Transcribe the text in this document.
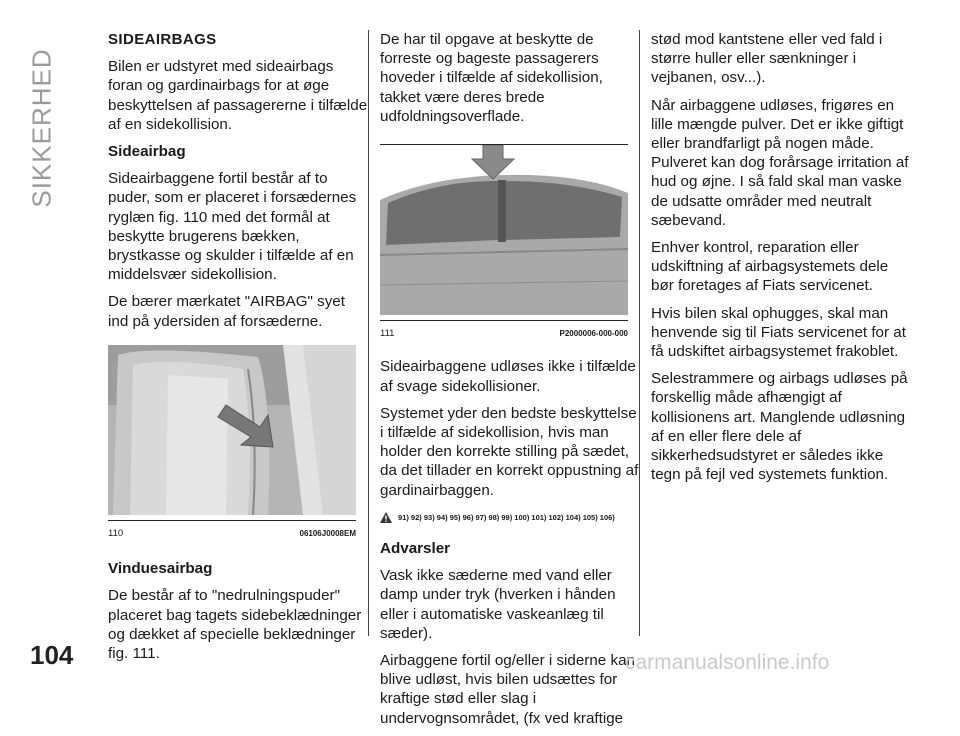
SIKKERHED

SIDEAIRBAGS

Bilen er udstyret med sideairbags foran og gardinairbags for at øge beskyttelsen af passagererne i tilfælde af en sidekollision.

Sideairbag

Sideairbaggene fortil består af to puder, som er placeret i forsædernes ryglæn fig. 110 med det formål at beskytte brugerens bækken, brystkasse og skulder i tilfælde af en middelsvær sidekollision.

De bærer mærkatet "AIRBAG" syet ind på ydersiden af forsæderne.

110	06106J0008EM

Vinduesairbag

De består af to "nedrulningspuder" placeret bag tagets sidebeklædninger og dækket af specielle beklædninger fig. 111.

De har til opgave at beskytte de forreste og bageste passagerers hoveder i tilfælde af sidekollision, takket være deres brede udfoldningsoverflade.

111	P2000006-000-000

Sideairbaggene udløses ikke i tilfælde af svage sidekollisioner.

Systemet yder den bedste beskyttelse i tilfælde af sidekollision, hvis man holder den korrekte stilling på sædet, da det tillader en korrekt oppustning af gardinairbaggen.

91) 92) 93) 94) 95) 96) 97) 98) 99) 100) 101) 102) 104) 105) 106)

Advarsler

Vask ikke sæderne med vand eller damp under tryk (hverken i hånden eller i automatiske vaskeanlæg til sæder).

Airbaggene fortil og/eller i siderne kan blive udløst, hvis bilen udsættes for kraftige stød eller slag i undervognsområdet, (fx ved kraftige

stød mod kantstene eller ved fald i større huller eller sænkninger i vejbanen, osv...).

Når airbaggene udløses, frigøres en lille mængde pulver. Det er ikke giftigt eller brandfarligt på nogen måde. Pulveret kan dog forårsage irritation af hud og øjne. I så fald skal man vaske de udsatte områder med neutralt sæbevand.

Enhver kontrol, reparation eller udskiftning af airbagsystemets dele bør foretages af Fiats servicenet.

Hvis bilen skal ophugges, skal man henvende sig til Fiats servicenet for at få udskiftet airbagsystemet frakoblet.

Selestrammere og airbags udløses på forskellig måde afhængigt af kollisionens art. Manglende udløsning af en eller flere dele af sikkerhedsudstyret er således ikke tegn på fejl ved systemets funktion.

104	carmanualsonline.info
